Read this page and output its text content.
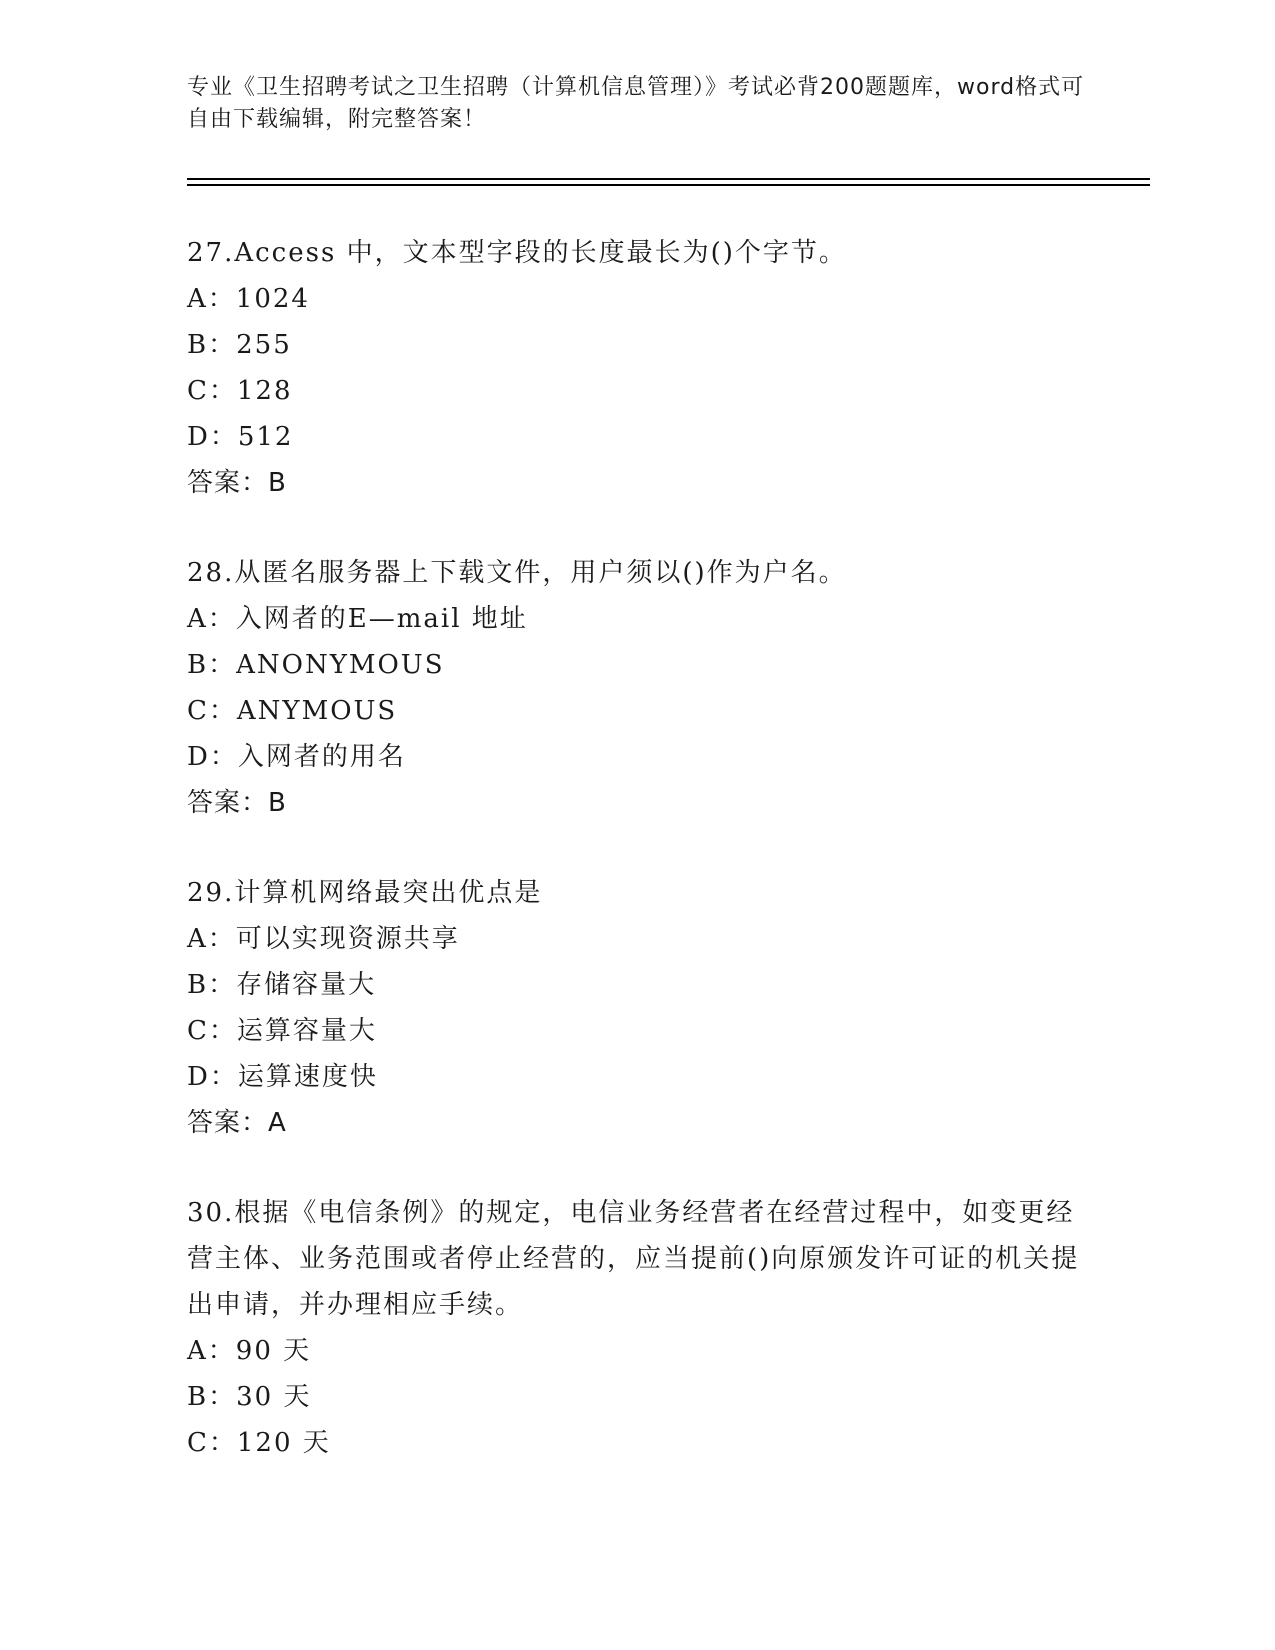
专业《卫生招聘考试之卫生招聘（计算机信息管理）》考试必背200题题库，word格式可自由下载编辑，附完整答案！
27.Access 中，文本型字段的长度最长为()个字节。
A：1024
B：255
C：128
D：512
答案：B
28.从匿名服务器上下载文件，用户须以()作为户名。
A：入网者的E—mail 地址
B：ANONYMOUS
C：ANYMOUS
D：入网者的用名
答案：B
29.计算机网络最突出优点是
A：可以实现资源共享
B：存储容量大
C：运算容量大
D：运算速度快
答案：A
30.根据《电信条例》的规定，电信业务经营者在经营过程中，如变更经营主体、业务范围或者停止经营的，应当提前()向原颁发许可证的机关提出申请，并办理相应手续。
A：90 天
B：30 天
C：120 天
